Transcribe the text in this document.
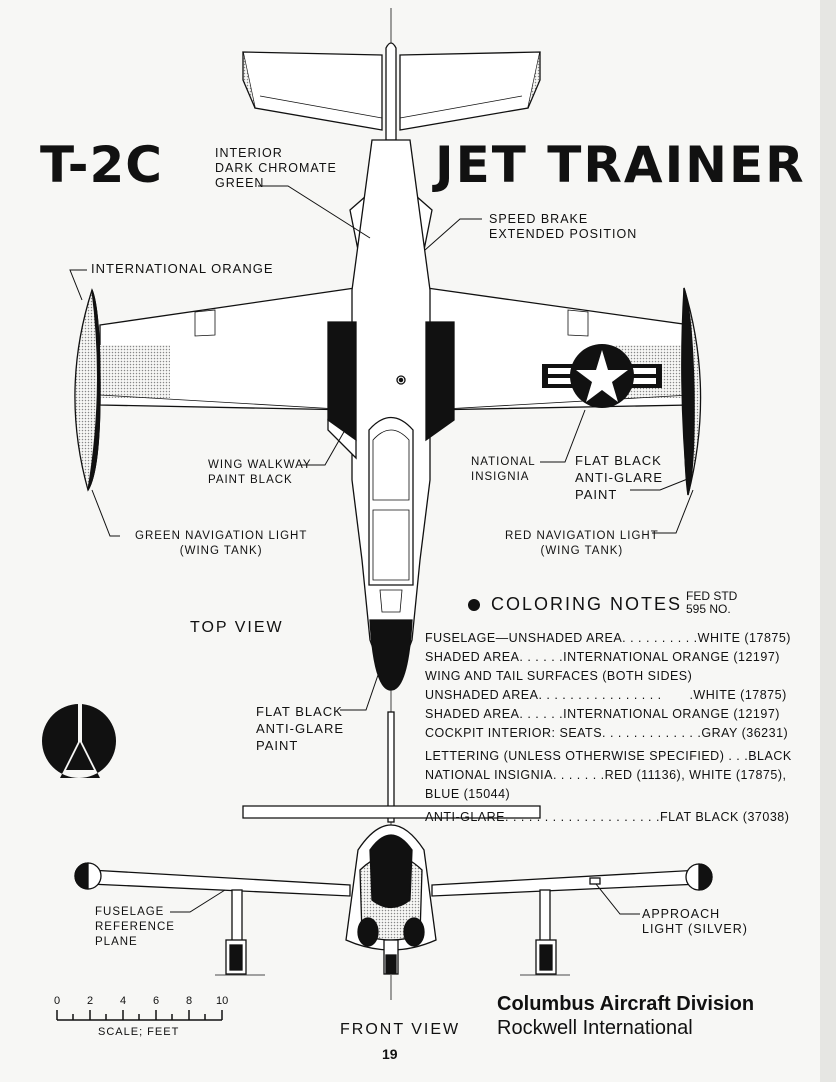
T-2C	JET TRAINER
INTERIOR
DARK CHROMATE
GREEN
SPEED BRAKE
EXTENDED POSITION
INTERNATIONAL ORANGE
WING WALKWAY
PAINT BLACK
NATIONAL
INSIGNIA
FLAT BLACK
ANTI-GLARE
PAINT
GREEN NAVIGATION LIGHT
(WING TANK)
RED NAVIGATION LIGHT
(WING TANK)
FLAT BLACK
ANTI-GLARE
PAINT
FUSELAGE
REFERENCE
PLANE
APPROACH
LIGHT (SILVER)
TOP VIEW
FRONT VIEW
COLORING NOTES FED STD
595 NO.
FUSELAGE—UNSHADED AREA. . . . . . . . . .WHITE (17875)
SHADED AREA. . . . . .INTERNATIONAL ORANGE (12197)
WING AND TAIL SURFACES (BOTH SIDES)
UNSHADED AREA. . . . . . . . . . . . . . . .       .WHITE (17875)
SHADED AREA. . . . . .INTERNATIONAL ORANGE (12197)
COCKPIT INTERIOR: SEATS. . . . . . . . . . . . .GRAY (36231)
LETTERING (UNLESS OTHERWISE SPECIFIED) . . .BLACK
NATIONAL INSIGNIA. . . . . . .RED (11136), WHITE (17875),
BLUE (15044)
ANTI-GLARE. . . . . . . . . . . . . . . . . . . .FLAT BLACK (37038)
0 2 4 6 8 10
SCALE; FEET
Columbus Aircraft Division
Rockwell International
19
